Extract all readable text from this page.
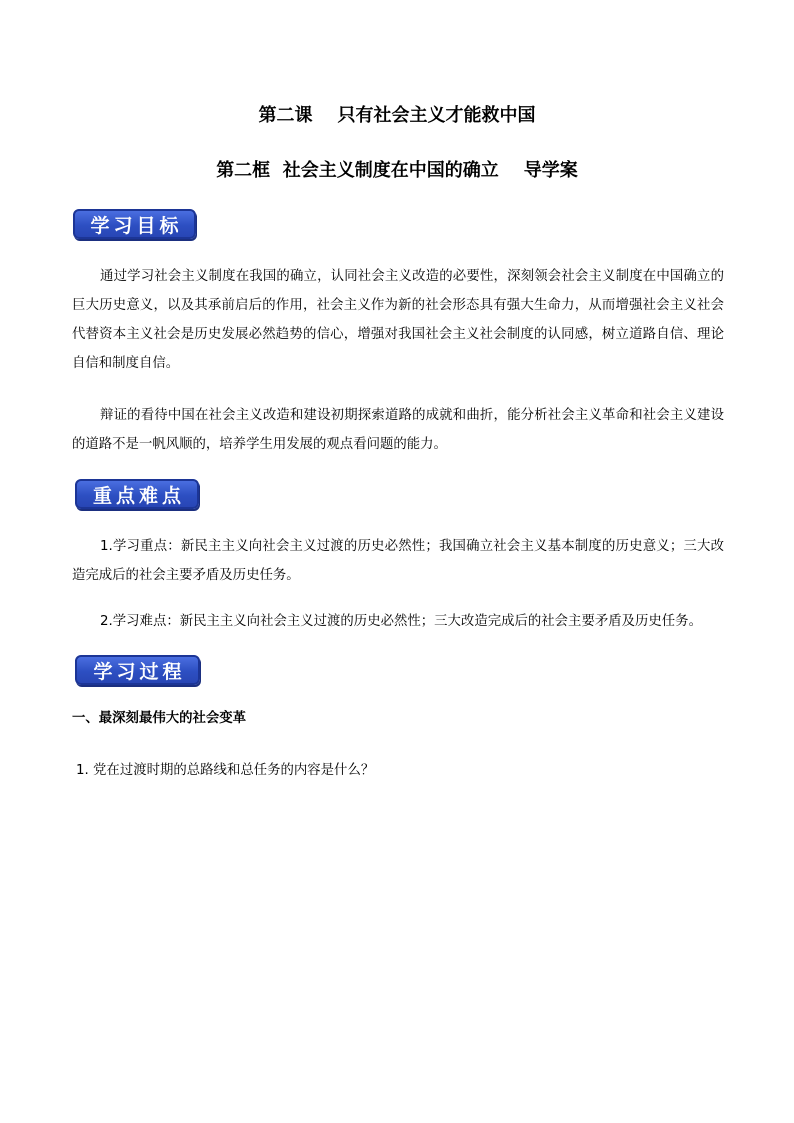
第二课    只有社会主义才能救中国
第二框  社会主义制度在中国的确立    导学案
学习目标

通过学习社会主义制度在我国的确立，认同社会主义改造的必要性，深刻领会社会主义制度在中国确立的巨大历史意义，以及其承前启后的作用，社会主义作为新的社会形态具有强大生命力，从而增强社会主义社会代替资本主义社会是历史发展必然趋势的信心，增强对我国社会主义社会制度的认同感，树立道路自信、理论自信和制度自信。

辩证的看待中国在社会主义改造和建设初期探索道路的成就和曲折，能分析社会主义革命和社会主义建设的道路不是一帆风顺的，培养学生用发展的观点看问题的能力。

重点难点

1.学习重点：新民主主义向社会主义过渡的历史必然性；我国确立社会主义基本制度的历史意义；三大改造完成后的社会主要矛盾及历史任务。

2.学习难点：新民主主义向社会主义过渡的历史必然性；三大改造完成后的社会主要矛盾及历史任务。

学习过程
一、最深刻最伟大的社会变革
1. 党在过渡时期的总路线和总任务的内容是什么？
